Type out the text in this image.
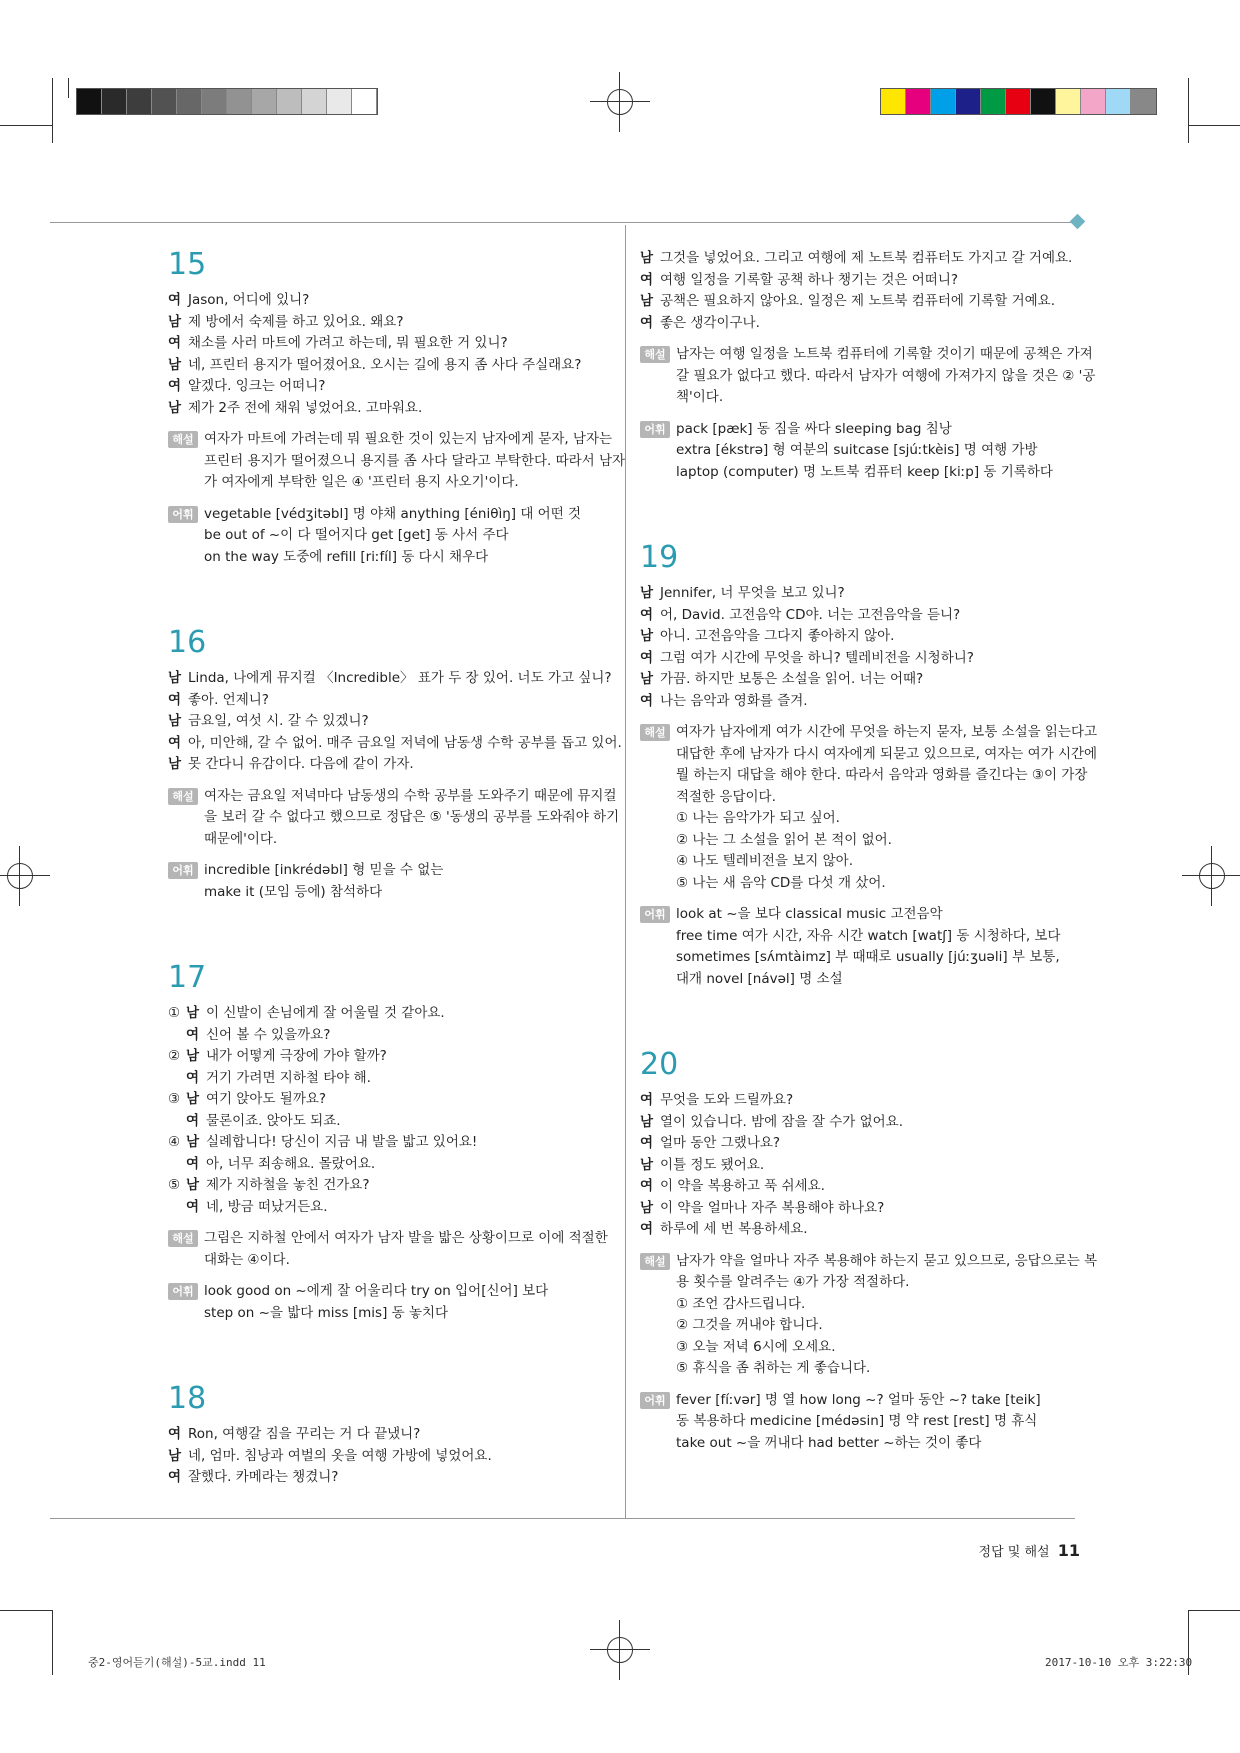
15
여 Jason, 어디에 있니?
남 제 방에서 숙제를 하고 있어요. 왜요?
여 채소를 사러 마트에 가려고 하는데, 뭐 필요한 거 있니?
남 네, 프린터 용지가 떨어졌어요. 오시는 길에 용지 좀 사다 주실래요?
여 알겠다. 잉크는 어떠니?
남 제가 2주 전에 채워 넣었어요. 고마워요.
해설 여자가 마트에 가려는데 뭐 필요한 것이 있는지 남자에게 묻자, 남자는
프린터 용지가 떨어졌으니 용지를 좀 사다 달라고 부탁한다. 따라서 남자
가 여자에게 부탁한 일은 ④ '프린터 용지 사오기'이다.
어휘 vegetable [védʒitəbl] 명 야채 anything [éniθìŋ] 대 어떤 것
be out of ~이 다 떨어지다 get [get] 동 사서 주다
on the way 도중에 refill [riːfíl] 동 다시 채우다
16
남 Linda, 나에게 뮤지컬 〈Incredible〉 표가 두 장 있어. 너도 가고 싶니?
여 좋아. 언제니?
남 금요일, 여섯 시. 갈 수 있겠니?
여 아, 미안해, 갈 수 없어. 매주 금요일 저녁에 남동생 수학 공부를 돕고 있어.
남 못 간다니 유감이다. 다음에 같이 가자.
해설 여자는 금요일 저녁마다 남동생의 수학 공부를 도와주기 때문에 뮤지컬
을 보러 갈 수 없다고 했으므로 정답은 ⑤ '동생의 공부를 도와줘야 하기
때문에'이다.
어휘 incredible [inkrédəbl] 형 믿을 수 없는
make it (모임 등에) 참석하다
17
① 남 이 신발이 손님에게 잘 어울릴 것 같아요.
여 신어 볼 수 있을까요?
② 남 내가 어떻게 극장에 가야 할까?
여 거기 가려면 지하철 타야 해.
③ 남 여기 앉아도 될까요?
여 물론이죠. 앉아도 되죠.
④ 남 실례합니다! 당신이 지금 내 발을 밟고 있어요!
여 아, 너무 죄송해요. 몰랐어요.
⑤ 남 제가 지하철을 놓친 건가요?
여 네, 방금 떠났거든요.
해설 그림은 지하철 안에서 여자가 남자 발을 밟은 상황이므로 이에 적절한
대화는 ④이다.
어휘 look good on ~에게 잘 어울리다 try on 입어[신어] 보다
step on ~을 밟다 miss [mis] 동 놓치다
18
여 Ron, 여행갈 짐을 꾸리는 거 다 끝냈니?
남 네, 엄마. 침낭과 여벌의 옷을 여행 가방에 넣었어요.
여 잘했다. 카메라는 챙겼니?
남 그것을 넣었어요. 그리고 여행에 제 노트북 컴퓨터도 가지고 갈 거예요.
여 여행 일정을 기록할 공책 하나 챙기는 것은 어떠니?
남 공책은 필요하지 않아요. 일정은 제 노트북 컴퓨터에 기록할 거예요.
여 좋은 생각이구나.
해설 남자는 여행 일정을 노트북 컴퓨터에 기록할 것이기 때문에 공책은 가져
갈 필요가 없다고 했다. 따라서 남자가 여행에 가져가지 않을 것은 ② '공
책'이다.
어휘 pack [pæk] 동 짐을 싸다 sleeping bag 침낭
extra [ékstrə] 형 여분의 suitcase [sjúːtkèis] 명 여행 가방
laptop (computer) 명 노트북 컴퓨터 keep [kiːp] 동 기록하다
19
남 Jennifer, 너 무엇을 보고 있니?
여 어, David. 고전음악 CD야. 너는 고전음악을 듣니?
남 아니. 고전음악을 그다지 좋아하지 않아.
여 그럼 여가 시간에 무엇을 하니? 텔레비전을 시청하니?
남 가끔. 하지만 보통은 소설을 읽어. 너는 어때?
여 나는 음악과 영화를 즐겨.
해설 여자가 남자에게 여가 시간에 무엇을 하는지 묻자, 보통 소설을 읽는다고
대답한 후에 남자가 다시 여자에게 되묻고 있으므로, 여자는 여가 시간에
뭘 하는지 대답을 해야 한다. 따라서 음악과 영화를 즐긴다는 ③이 가장
적절한 응답이다.
① 나는 음악가가 되고 싶어.
② 나는 그 소설을 읽어 본 적이 없어.
④ 나도 텔레비전을 보지 않아.
⑤ 나는 새 음악 CD를 다섯 개 샀어.
어휘 look at ~을 보다 classical music 고전음악
free time 여가 시간, 자유 시간 watch [watʃ] 동 시청하다, 보다
sometimes [sʌ́mtàimz] 부 때때로 usually [júːʒuəli] 부 보통,
대개 novel [návəl] 명 소설
20
여 무엇을 도와 드릴까요?
남 열이 있습니다. 밤에 잠을 잘 수가 없어요.
여 얼마 동안 그랬나요?
남 이틀 정도 됐어요.
여 이 약을 복용하고 푹 쉬세요.
남 이 약을 얼마나 자주 복용해야 하나요?
여 하루에 세 번 복용하세요.
해설 남자가 약을 얼마나 자주 복용해야 하는지 묻고 있으므로, 응답으로는 복
용 횟수를 알려주는 ④가 가장 적절하다.
① 조언 감사드립니다.
② 그것을 꺼내야 합니다.
③ 오늘 저녁 6시에 오세요.
⑤ 휴식을 좀 취하는 게 좋습니다.
어휘 fever [fíːvər] 명 열 how long ~? 얼마 동안 ~? take [teik]
동 복용하다 medicine [médəsin] 명 약 rest [rest] 명 휴식
take out ~을 꺼내다 had better ~하는 것이 좋다
정답 및 해설 11
중2-영어듣기(해설)-5교.indd 11	2017-10-10 오후 3:22:30
